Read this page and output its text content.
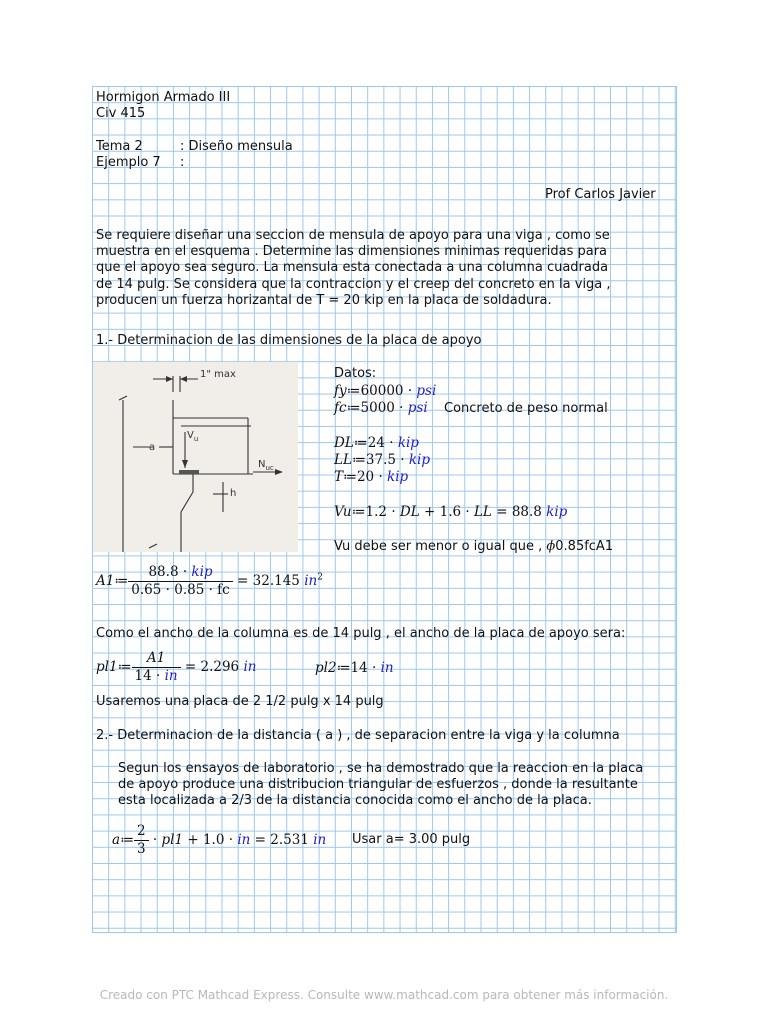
Hormigon Armado III
Civ 415
Tema 2	: Diseño mensula
Ejemplo 7 :
Prof Carlos Javier
Se requiere diseñar una seccion de mensula de apoyo para una viga , como se muestra en el esquema . Determine las dimensiones minimas requeridas para que el apoyo sea seguro. La mensula esta conectada a una columna cuadrada de 14 pulg. Se considera que la contraccion y el creep del concreto en la viga , producen un fuerza horizantal de T = 20 kip en la placa de soldadura.
1.- Determinacion de las dimensiones de la placa de apoyo
1" max
$V_u$
a
$N_{uc}$
h
Datos:
fy≔60000 · psi
fc≔5000 · psi Concreto de peso normal
DL≔24 · kip
LL≔37.5 · kip
T≔20 · kip
Vu≔1.2 · DL + 1.6 · LL = 88.8 kip
Vu debe ser menor o igual que , ϕ0.85fcA1
A1≔ $\frac{\text{88.8 · kip}}{0.65 \cdot 0.85 \cdot fc} = 32.145$ $in^2$
Como el ancho de la columna es de 14 pulg , el ancho de la placa de apoyo sera:
pl1≔ $\frac{A1}{14 \cdot in} = 2.296$ in	pl2≔14 · in
Usaremos una placa de 2 1/2 pulg x 14 pulg
2.- Determinacion de la distancia ( a ) , de separacion entre la viga y la columna
Segun los ensayos de laboratorio , se ha demostrado que la reaccion en la placa de apoyo produce una distribucion triangular de esfuerzos , donde la resultante esta localizada a 2/3 de la distancia conocida como el ancho de la placa.
a≔ $\frac{2}{3} \cdot pl1 + 1.0$ · in = 2.531 in Usar a= 3.00 pulg
Creado con PTC Mathcad Express. Consulte www.mathcad.com para obtener más información.
